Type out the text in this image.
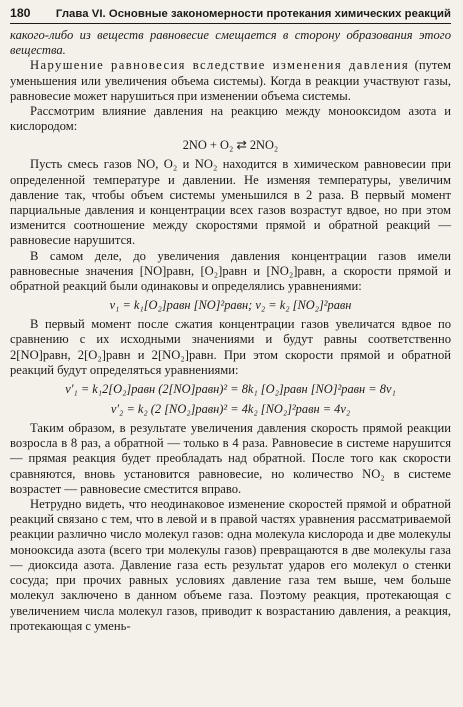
180	Глава VI. Основные закономерности протекания химических реакций

какого-либо из веществ равновесие смещается в сторону образования этого вещества.

Нарушение равновесия вследствие изменения давления (путем уменьшения или увеличения объема системы). Когда в реакции участвуют газы, равновесие может нарушиться при изменении объема системы.

Рассмотрим влияние давления на реакцию между монооксидом азота и кислородом:

2NO + O₂ ⇄ 2NO₂

Пусть смесь газов NO, O₂ и NO₂ находится в химическом равновесии при определенной температуре и давлении. Не изменяя температуры, увеличим давление так, чтобы объем системы уменьшился в 2 раза. В первый момент парциальные давления и концентрации всех газов возрастут вдвое, но при этом изменится соотношение между скоростями прямой и обратной реакций — равновесие нарушится.

В самом деле, до увеличения давления концентрации газов имели равновесные значения [NO]равн, [O₂]равн и [NO₂]равн, а скорости прямой и обратной реакций были одинаковы и определялись уравнениями:

v₁ = k₁[O₂]равн [NO]²равн; v₂ = k₂ [NO₂]²равн

В первый момент после сжатия концентрации газов увеличатся вдвое по сравнению с их исходными значениями и будут равны соответственно 2[NO]равн, 2[O₂]равн и 2[NO₂]равн. При этом скорости прямой и обратной реакций будут определяться уравнениями:

v′₁ = k₁2[O₂]равн (2[NO]равн)² = 8k₁ [O₂]равн [NO]²равн = 8v₁
v′₂ = k₂ (2 [NO₂]равн)² = 4k₂ [NO₂]²равн = 4v₂

Таким образом, в результате увеличения давления скорость прямой реакции возросла в 8 раз, а обратной — только в 4 раза. Равновесие в системе нарушится — прямая реакция будет преобладать над обратной. После того как скорости сравняются, вновь установится равновесие, но количество NO₂ в системе возрастет — равновесие сместится вправо.

Нетрудно видеть, что неодинаковое изменение скоростей прямой и обратной реакций связано с тем, что в левой и в правой частях уравнения рассматриваемой реакции различно число молекул газов: одна молекула кислорода и две молекулы монооксида азота (всего три молекулы газов) превращаются в две молекулы газа — диоксида азота. Давление газа есть результат ударов его молекул о стенки сосуда; при прочих равных условиях давление газа тем выше, чем больше молекул заключено в данном объеме газа. Поэтому реакция, протекающая с увеличением числа молекул газов, приводит к возрастанию давления, а реакция, протекающая с умень-
